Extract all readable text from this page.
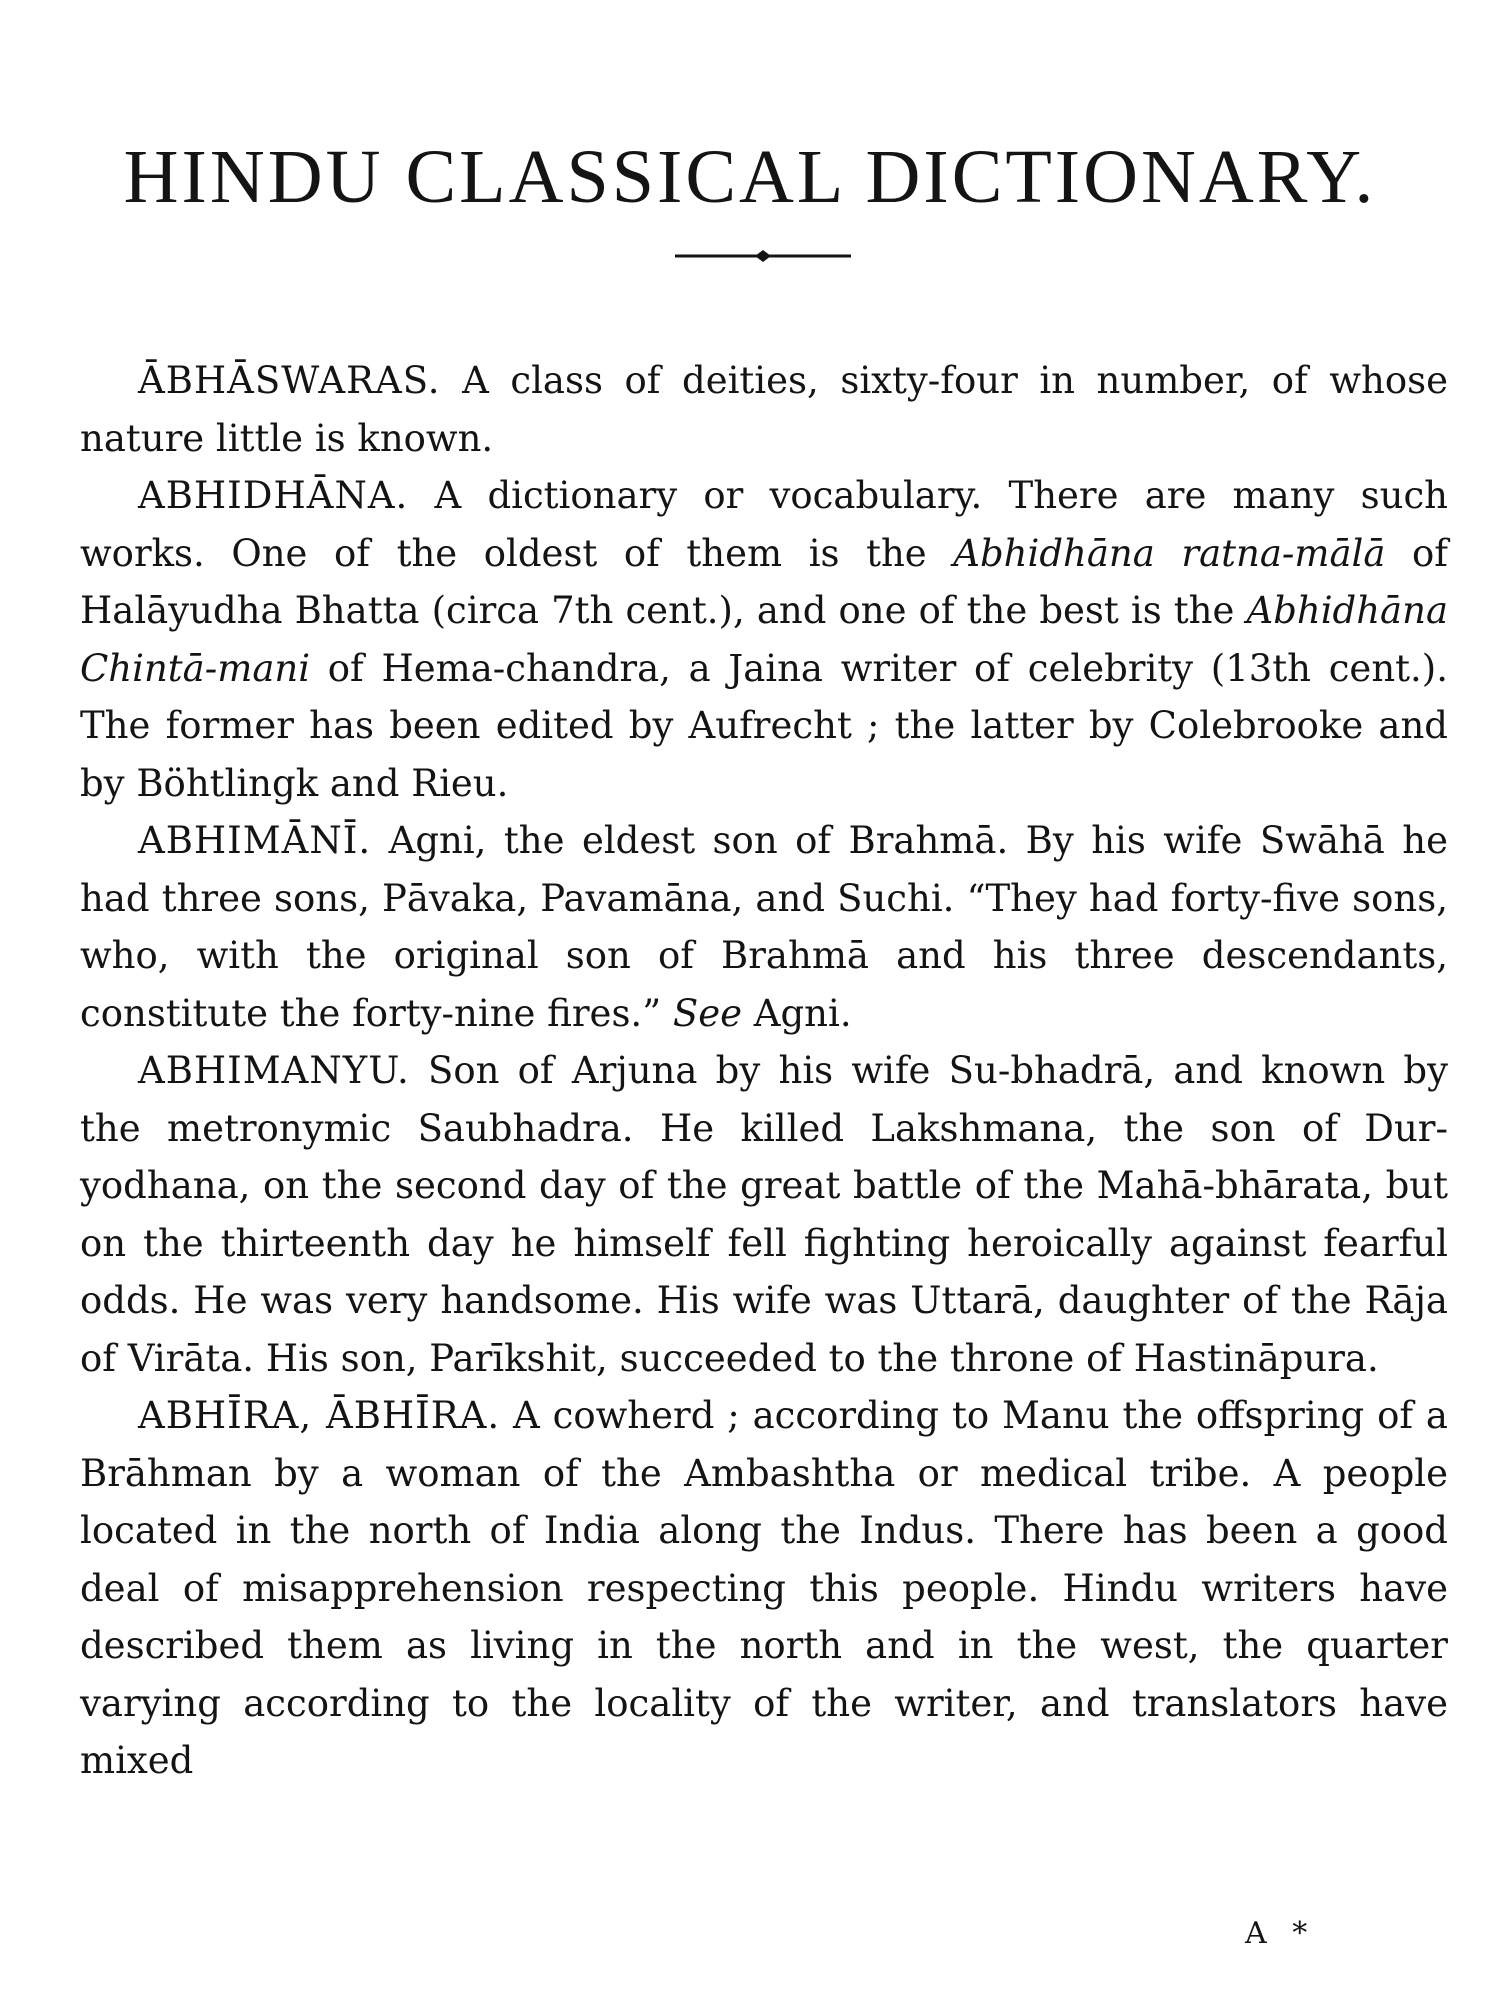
HINDU CLASSICAL DICTIONARY.

ĀBHĀSWARAS. A class of deities, sixty-four in number, of whose nature little is known.

ABHIDHĀNA. A dictionary or vocabulary. There are many such works. One of the oldest of them is the Abhidhāna ratna-mālā of Halāyudha Bhatta (circa 7th cent.), and one of the best is the Abhidhāna Chintā-mani of Hema-chandra, a Jaina writer of celebrity (13th cent.). The former has been edited by Aufrecht ; the latter by Colebrooke and by Böhtlingk and Rieu.

ABHIMĀNĪ. Agni, the eldest son of Brahmā. By his wife Swāhā he had three sons, Pāvaka, Pavamāna, and Suchi. “They had forty-five sons, who, with the original son of Brahmā and his three descendants, constitute the forty-nine fires.” See Agni.

ABHIMANYU. Son of Arjuna by his wife Su-bhadrā, and known by the metronymic Saubhadra. He killed Lakshmana, the son of Dur-yodhana, on the second day of the great battle of the Mahā-bhārata, but on the thirteenth day he himself fell fighting heroically against fearful odds. He was very handsome. His wife was Uttarā, daughter of the Rāja of Virāta. His son, Parīkshit, succeeded to the throne of Hastināpura.

ABHĪRA, ĀBHĪRA. A cowherd ; according to Manu the offspring of a Brāhman by a woman of the Ambashtha or medical tribe. A people located in the north of India along the Indus. There has been a good deal of misapprehension respecting this people. Hindu writers have described them as living in the north and in the west, the quarter varying according to the locality of the writer, and translators have mixed

A *
